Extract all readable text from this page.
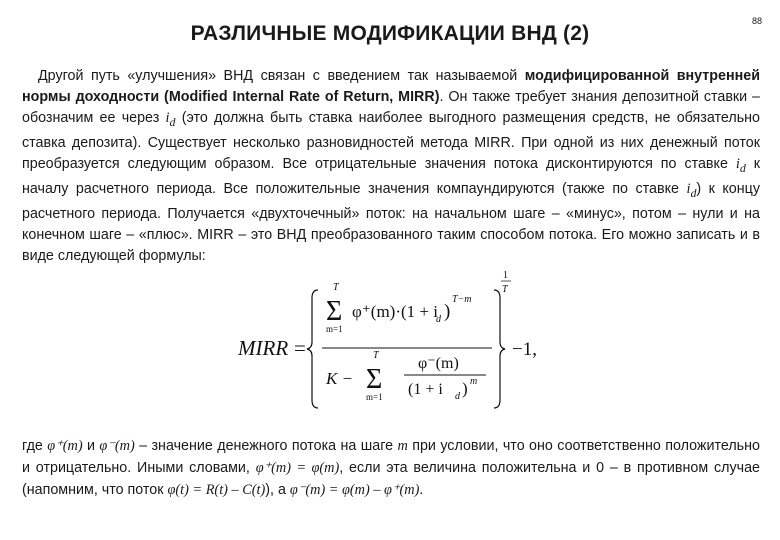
РАЗЛИЧНЫЕ МОДИФИКАЦИИ ВНД (2)
88
Другой путь «улучшения» ВНД связан с введением так называемой модифицированной внутренней нормы доходности (Modified Internal Rate of Return, MIRR). Он также требует знания депозитной ставки – обозначим ее через $i_d$ (это должна быть ставка наиболее выгодного размещения средств, не обязательно ставка депозита). Существует несколько разновидностей метода MIRR. При одной из них денежный поток преобразуется следующим образом. Все отрицательные значения потока дисконтируются по ставке $i_d$ к началу расчетного периода. Все положительные значения компаундируются (также по ставке $i_d$) к концу расчетного периода. Получается «двухточечный» поток: на начальном шаге – «минус», потом – нули и на конечном шаге – «плюс». MIRR – это ВНД преобразованного таким способом потока. Его можно записать и в виде следующей формулы:
MIRR =
T
Σ
m=1
φ⁺(m)·(1 + i
d )
T−m
K −
T
Σ
m=1
φ⁻(m)
(1 + i d ) m
1
T
−1,
где φ⁺(m) и φ⁻(m) – значение денежного потока на шаге m при условии, что оно соответственно положительно и отрицательно. Иными словами, φ⁺(m) = φ(m), если эта величина положительна и 0 – в противном случае (напомним, что поток φ(t) = R(t) – C(t)), а φ⁻(m) = φ(m) – φ⁺(m).
